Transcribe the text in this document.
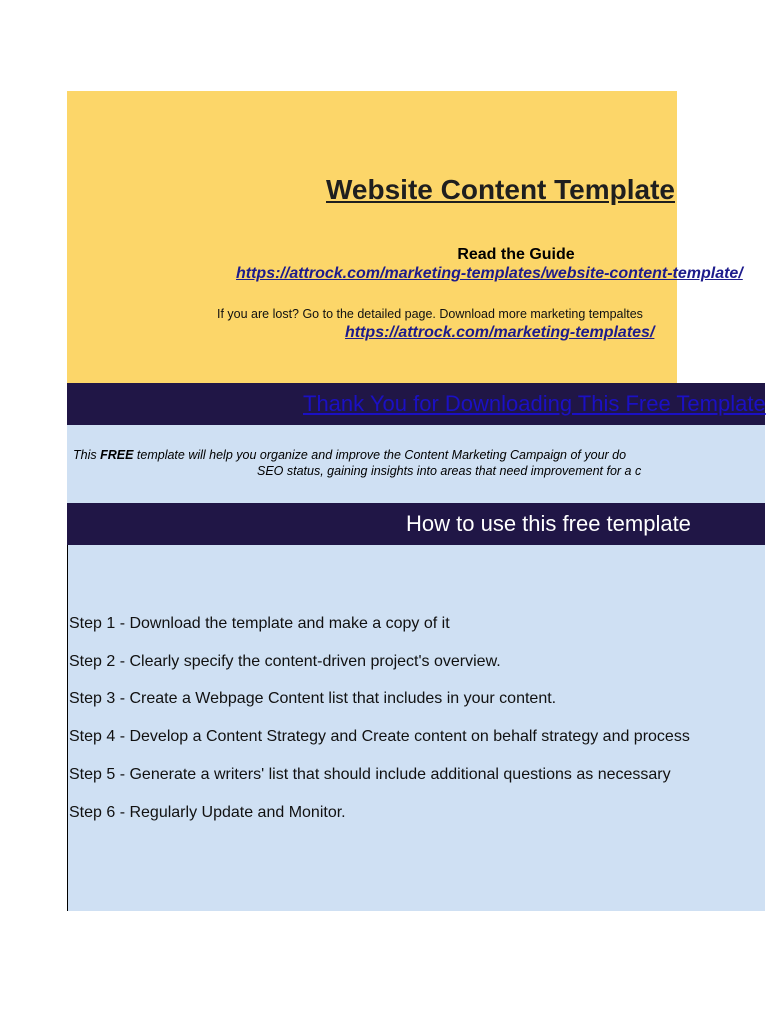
Website Content Template
Read the Guide
https://attrock.com/marketing-templates/website-content-template/
If you are lost? Go to the detailed page. Download more marketing tempaltes
https://attrock.com/marketing-templates/
Thank You for Downloading This Free Template
This FREE template will help you organize and improve the Content Marketing Campaign of your do
SEO status, gaining insights into areas that need improvement for a c
How to use this free template
Step 1 - Download the template and make a copy of it
Step 2 - Clearly specify the content-driven project's overview.
Step 3 - Create a Webpage Content list that includes in your content.
Step 4 - Develop a Content Strategy and Create content on behalf strategy and process
Step 5 - Generate a writers' list that should include additional questions as necessary
Step 6 - Regularly Update and Monitor.
